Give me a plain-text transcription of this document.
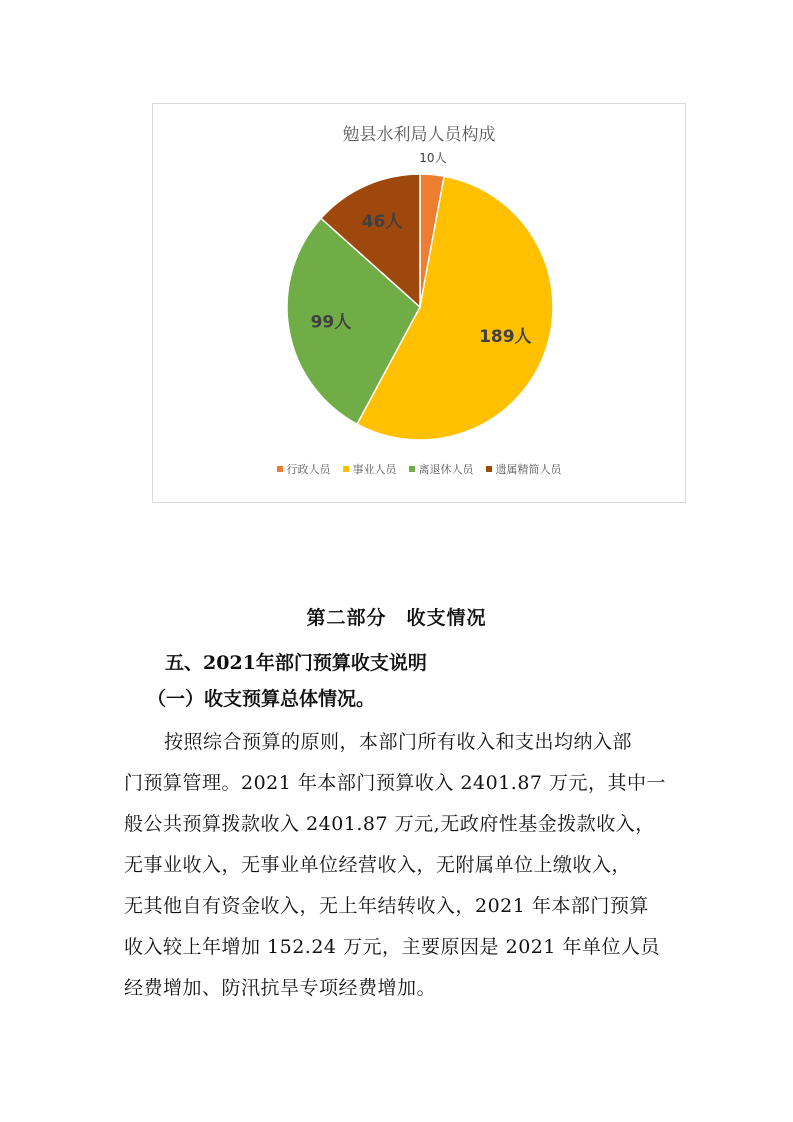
勉县水利局人员构成
10人
189人
99人
46人
行政人员 事业人员 离退休人员 遗属精简人员
第二部分　收支情况
五、2021年部门预算收支说明
（一）收支预算总体情况。
按照综合预算的原则，本部门所有收入和支出均纳入部
门预算管理。2021 年本部门预算收入 2401.87 万元，其中一
般公共预算拨款收入 2401.87 万元,无政府性基金拨款收入，
无事业收入，无事业单位经营收入，无附属单位上缴收入，
无其他自有资金收入，无上年结转收入，2021 年本部门预算
收入较上年增加 152.24 万元，主要原因是 2021 年单位人员
经费增加、防汛抗旱专项经费增加。
